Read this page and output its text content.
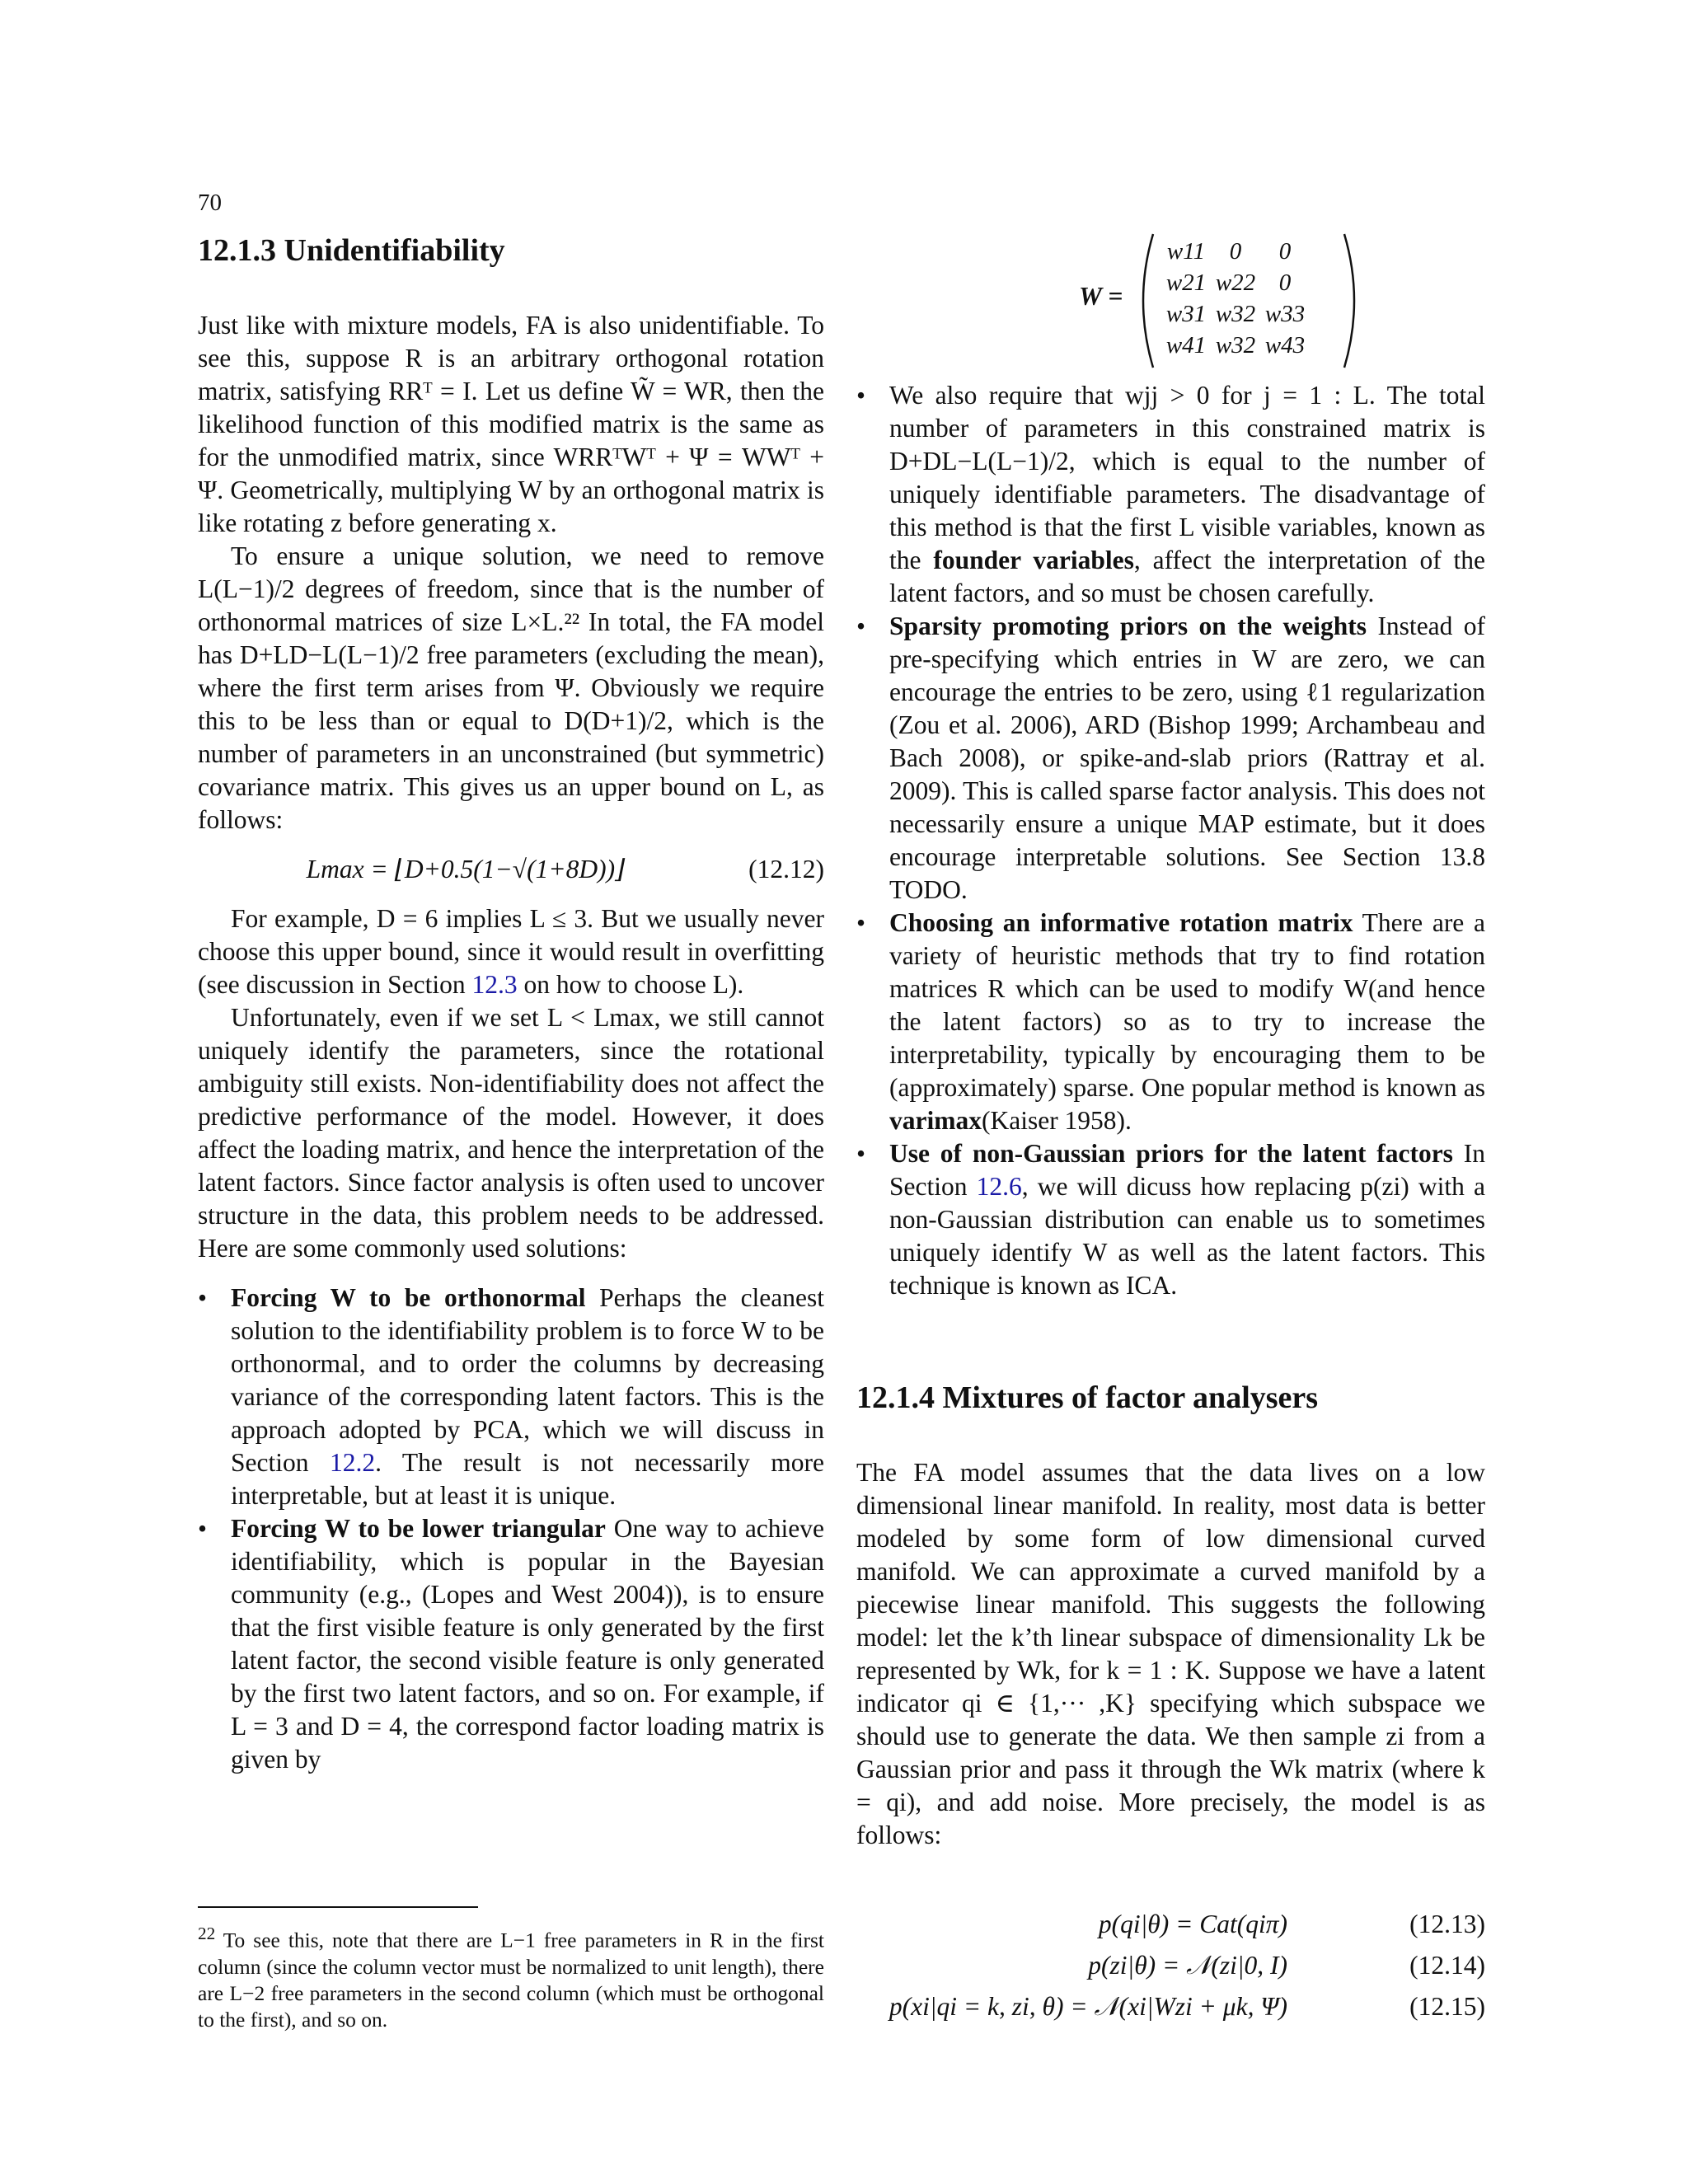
70
12.1.3 Unidentifiability

Just like with mixture models, FA is also unidentifiable. To see this, suppose R is an arbitrary orthogonal rotation matrix, satisfying RRᵀ = I. Let us define W̃ = WR, then the likelihood function of this modified matrix is the same as for the unmodified matrix, since WRRᵀWᵀ + Ψ = WWᵀ + Ψ. Geometrically, multiplying W by an orthogonal matrix is like rotating z before generating x.

To ensure a unique solution, we need to remove L(L−1)/2 degrees of freedom, since that is the number of orthonormal matrices of size L×L.²² In total, the FA model has D+LD−L(L−1)/2 free parameters (excluding the mean), where the first term arises from Ψ. Obviously we require this to be less than or equal to D(D+1)/2, which is the number of parameters in an unconstrained (but symmetric) covariance matrix. This gives us an upper bound on L, as follows:

Lmax = ⌊D+0.5(1−√(1+8D))⌋	(12.12)

For example, D = 6 implies L ≤ 3. But we usually never choose this upper bound, since it would result in overfitting (see discussion in Section 12.3 on how to choose L).

Unfortunately, even if we set L < Lmax, we still cannot uniquely identify the parameters, since the rotational ambiguity still exists. Non-identifiability does not affect the predictive performance of the model. However, it does affect the loading matrix, and hence the interpretation of the latent factors. Since factor analysis is often used to uncover structure in the data, this problem needs to be addressed. Here are some commonly used solutions:

• Forcing W to be orthonormal Perhaps the cleanest solution to the identifiability problem is to force W to be orthonormal, and to order the columns by decreasing variance of the corresponding latent factors. This is the approach adopted by PCA, which we will discuss in Section 12.2. The result is not necessarily more interpretable, but at least it is unique.
• Forcing W to be lower triangular One way to achieve identifiability, which is popular in the Bayesian community (e.g., (Lopes and West 2004)), is to ensure that the first visible feature is only generated by the first latent factor, the second visible feature is only generated by the first two latent factors, and so on. For example, if L = 3 and D = 4, the correspond factor loading matrix is given by
W =
w11	0	0
w21 w22 0
w31 w32 w33
w41 w32 w43
• We also require that wjj > 0 for j = 1 : L. The total number of parameters in this constrained matrix is D+DL−L(L−1)/2, which is equal to the number of uniquely identifiable parameters. The disadvantage of this method is that the first L visible variables, known as the founder variables, affect the interpretation of the latent factors, and so must be chosen carefully.
• Sparsity promoting priors on the weights Instead of pre-specifying which entries in W are zero, we can encourage the entries to be zero, using ℓ1 regularization (Zou et al. 2006), ARD (Bishop 1999; Archambeau and Bach 2008), or spike-and-slab priors (Rattray et al. 2009). This is called sparse factor analysis. This does not necessarily ensure a unique MAP estimate, but it does encourage interpretable solutions. See Section 13.8 TODO.
• Choosing an informative rotation matrix There are a variety of heuristic methods that try to find rotation matrices R which can be used to modify W(and hence the latent factors) so as to try to increase the interpretability, typically by encouraging them to be (approximately) sparse. One popular method is known as varimax(Kaiser 1958).
• Use of non-Gaussian priors for the latent factors In Section 12.6, we will dicuss how replacing p(zi) with a non-Gaussian distribution can enable us to sometimes uniquely identify W as well as the latent factors. This technique is known as ICA.
12.1.4 Mixtures of factor analysers

The FA model assumes that the data lives on a low dimensional linear manifold. In reality, most data is better modeled by some form of low dimensional curved manifold. We can approximate a curved manifold by a piecewise linear manifold. This suggests the following model: let the k’th linear subspace of dimensionality Lk be represented by Wk, for k = 1 : K. Suppose we have a latent indicator qi ∈ {1,··· ,K} specifying which subspace we should use to generate the data. We then sample zi from a Gaussian prior and pass it through the Wk matrix (where k = qi), and add noise. More precisely, the model is as follows:

p(qi|θ) = Cat(qiπ)	(12.13)
p(zi|θ) = 𝒩(zi|0, I)	(12.14)
p(xi|qi = k, zi, θ) = 𝒩(xi|Wzi + μk, Ψ)	(12.15)
$^{22}$ To see this, note that there are L−1 free parameters in R in the first column (since the column vector must be normalized to unit length), there are L−2 free parameters in the second column (which must be orthogonal to the first), and so on.
